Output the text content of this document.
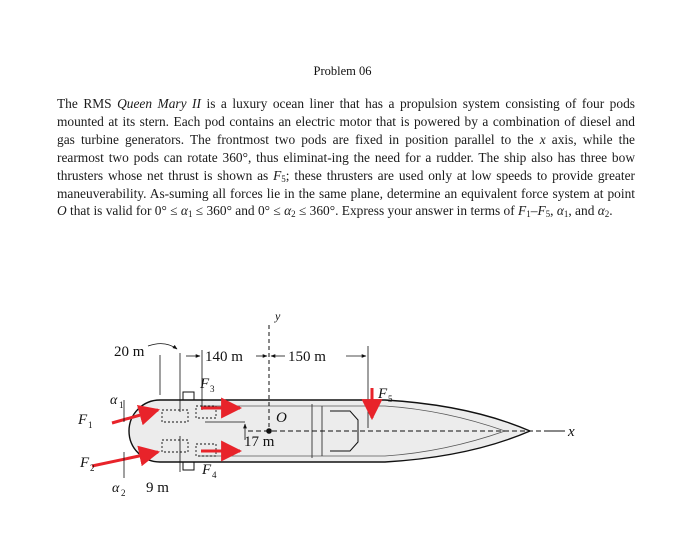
Problem 06
The RMS Queen Mary II is a luxury ocean liner that has a propulsion system consisting of four pods mounted at its stern. Each pod contains an electric motor that is powered by a combination of diesel and gas turbine generators. The frontmost two pods are fixed in position parallel to the x axis, while the rearmost two pods can rotate 360°, thus eliminat-ing the need for a rudder. The ship also has three bow thrusters whose net thrust is shown as $F_5$; these thrusters are used only at low speeds to provide greater maneuverability. As-suming all forces lie in the same plane, determine an equivalent force system at point O that is valid for $0^\circ \le \alpha_1 \le 360^\circ$ and $0^\circ \le \alpha_2 \le 360^\circ$. Express your answer in terms of $F_1-F_5$, $\alpha_1$, and $\alpha_2$.
x
y
O
20 m	140 m	150 m
17 m
9 m
F 1
α 1
F 2
α 2
F 3
F 4
F 5
